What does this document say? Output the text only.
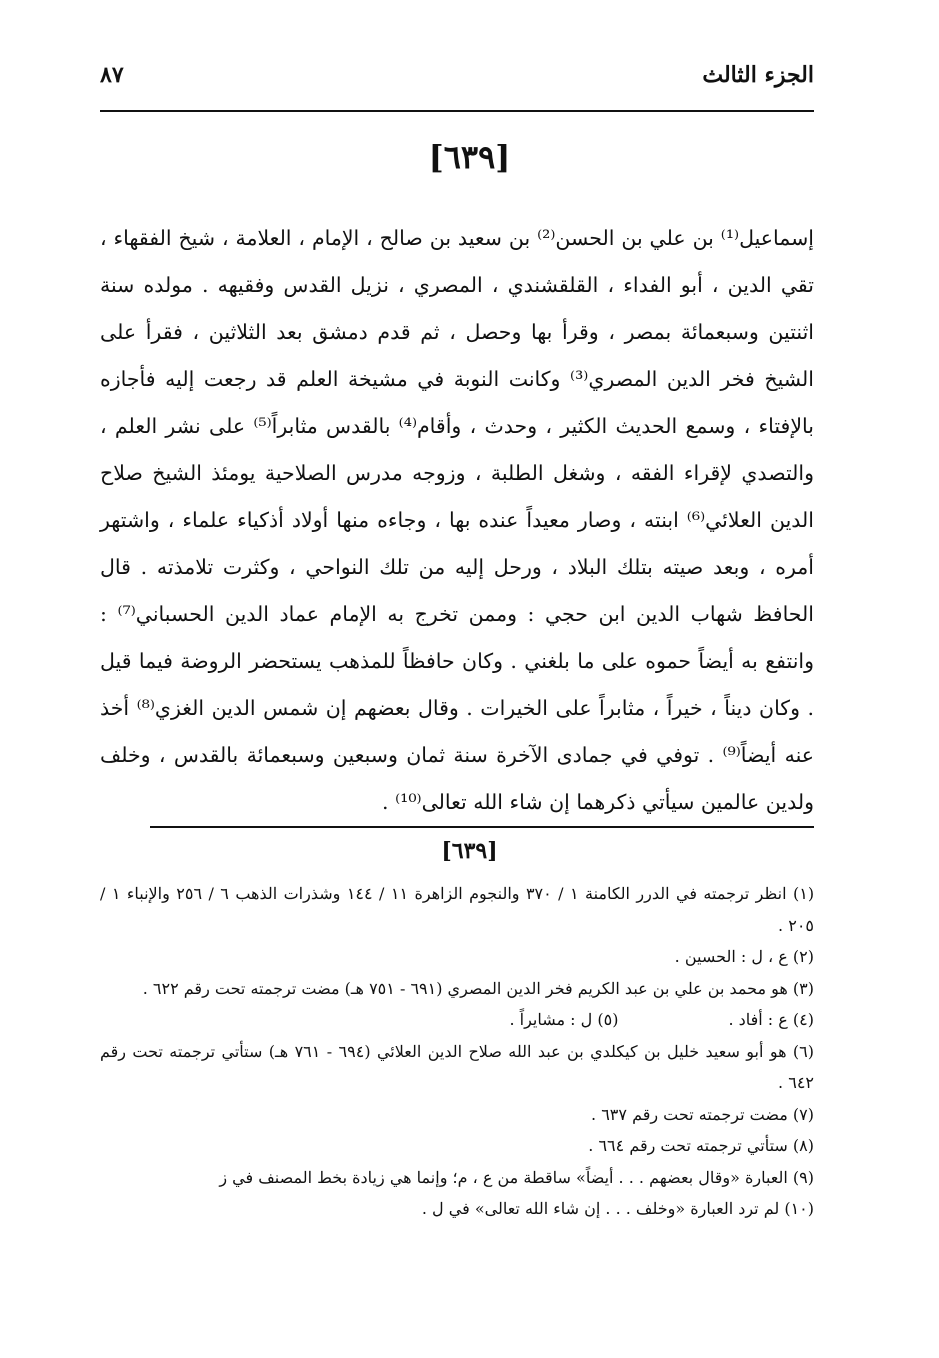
الجزء الثالث
٨٧
[٦٣٩]

إسماعيل⁽¹⁾ بن علي بن الحسن⁽²⁾ بن سعيد بن صالح ، الإمام ، العلامة ، شيخ الفقهاء ، تقي الدين ، أبو الفداء ، القلقشندي ، المصري ، نزيل القدس وفقيهه . مولده سنة اثنتين وسبعمائة بمصر ، وقرأ بها وحصل ، ثم قدم دمشق بعد الثلاثين ، فقرأ على الشيخ فخر الدين المصري⁽³⁾ وكانت النوبة في مشيخة العلم قد رجعت إليه فأجازه بالإفتاء ، وسمع الحديث الكثير ، وحدث ، وأقام⁽⁴⁾ بالقدس مثابراً⁽⁵⁾ على نشر العلم ، والتصدي لإقراء الفقه ، وشغل الطلبة ، وزوجه مدرس الصلاحية يومئذ الشيخ صلاح الدين العلائي⁽⁶⁾ ابنته ، وصار معيداً عنده بها ، وجاءه منها أولاد أذكياء علماء ، واشتهر أمره ، وبعد صيته بتلك البلاد ، ورحل إليه من تلك النواحي ، وكثرت تلامذته . قال الحافظ شهاب الدين ابن حجي : وممن تخرج به الإمام عماد الدين الحسباني⁽⁷⁾ : وانتفع به أيضاً حموه على ما بلغني . وكان حافظاً للمذهب يستحضر الروضة فيما قيل . وكان ديناً ، خيراً ، مثابراً على الخيرات . وقال بعضهم إن شمس الدين الغزي⁽⁸⁾ أخذ عنه أيضاً⁽⁹⁾ . توفي في جمادى الآخرة سنة ثمان وسبعين وسبعمائة بالقدس ، وخلف ولدين عالمين سيأتي ذكرهما إن شاء الله تعالى⁽¹⁰⁾ .

[٦٣٩]

(١) انظر ترجمته في الدرر الكامنة ١ / ٣٧٠ والنجوم الزاهرة ١١ / ١٤٤ وشذرات الذهب ٦ / ٢٥٦ والإنباء ١ / ٢٠٥ .

(٢) ع ، ل : الحسين .

(٣) هو محمد بن علي بن عبد الكريم فخر الدين المصري (٦٩١ - ٧٥١ هـ) مضت ترجمته تحت رقم ٦٢٢ .

(٤) ع : أفاد .

(٥) ل : مشايراً .

(٦) هو أبو سعيد خليل بن كيكلدي بن عبد الله صلاح الدين العلائي (٦٩٤ - ٧٦١ هـ) ستأتي ترجمته تحت رقم ٦٤٢ .

(٧) مضت ترجمته تحت رقم ٦٣٧ .

(٨) ستأتي ترجمته تحت رقم ٦٦٤ .

(٩) العبارة «وقال بعضهم . . . أيضاً» ساقطة من ع ، م؛ وإنما هي زيادة بخط المصنف في ز

(١٠) لم ترد العبارة «وخلف . . . إن شاء الله تعالى» في ل .
